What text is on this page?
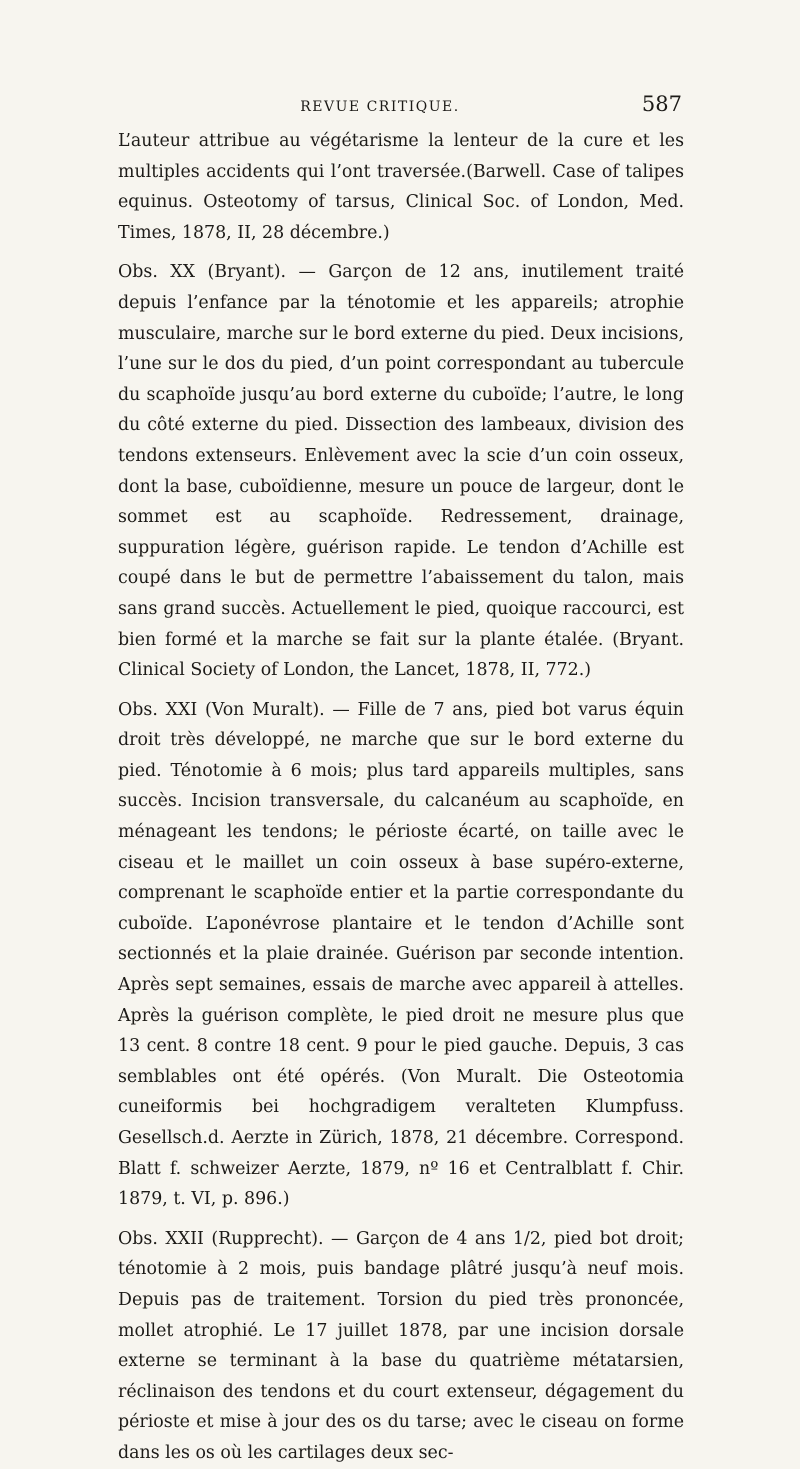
REVUE CRITIQUE.	587

L’auteur attribue au végétarisme la lenteur de la cure et les multiples accidents qui l’ont traversée.(Barwell. Case of talipes equinus. Osteotomy of tarsus, Clinical Soc. of London, Med. Times, 1878, II, 28 décembre.)

Obs. XX (Bryant). — Garçon de 12 ans, inutilement traité depuis l’enfance par la ténotomie et les appareils; atrophie musculaire, marche sur le bord externe du pied. Deux incisions, l’une sur le dos du pied, d’un point correspondant au tubercule du scaphoïde jusqu’au bord externe du cuboïde; l’autre, le long du côté externe du pied. Dissection des lambeaux, division des tendons extenseurs. Enlèvement avec la scie d’un coin osseux, dont la base, cuboïdienne, mesure un pouce de largeur, dont le sommet est au scaphoïde. Redressement, drainage, suppuration légère, guérison rapide. Le tendon d’Achille est coupé dans le but de permettre l’abaissement du talon, mais sans grand succès. Actuellement le pied, quoique raccourci, est bien formé et la marche se fait sur la plante étalée. (Bryant. Clinical Society of London, the Lancet, 1878, II, 772.)

Obs. XXI (Von Muralt). — Fille de 7 ans, pied bot varus équin droit très développé, ne marche que sur le bord externe du pied. Ténotomie à 6 mois; plus tard appareils multiples, sans succès. Incision transversale, du calcanéum au scaphoïde, en ménageant les tendons; le périoste écarté, on taille avec le ciseau et le maillet un coin osseux à base supéro-externe, comprenant le scaphoïde entier et la partie correspondante du cuboïde. L’aponévrose plantaire et le tendon d’Achille sont sectionnés et la plaie drainée. Guérison par seconde intention. Après sept semaines, essais de marche avec appareil à attelles. Après la guérison complète, le pied droit ne mesure plus que 13 cent. 8 contre 18 cent. 9 pour le pied gauche. Depuis, 3 cas semblables ont été opérés. (Von Muralt. Die Osteotomia cuneiformis bei hochgradigem veralteten Klumpfuss. Gesellsch.d. Aerzte in Zürich, 1878, 21 décembre. Correspond. Blatt f. schweizer Aerzte, 1879, nº 16 et Centralblatt f. Chir. 1879, t. VI, p. 896.)

Obs. XXII (Rupprecht). — Garçon de 4 ans 1/2, pied bot droit; ténotomie à 2 mois, puis bandage plâtré jusqu’à neuf mois. Depuis pas de traitement. Torsion du pied très prononcée, mollet atrophié. Le 17 juillet 1878, par une incision dorsale externe se terminant à la base du quatrième métatarsien, réclinaison des tendons et du court extenseur, dégagement du périoste et mise à jour des os du tarse; avec le ciseau on forme dans les os où les cartilages deux sec-
